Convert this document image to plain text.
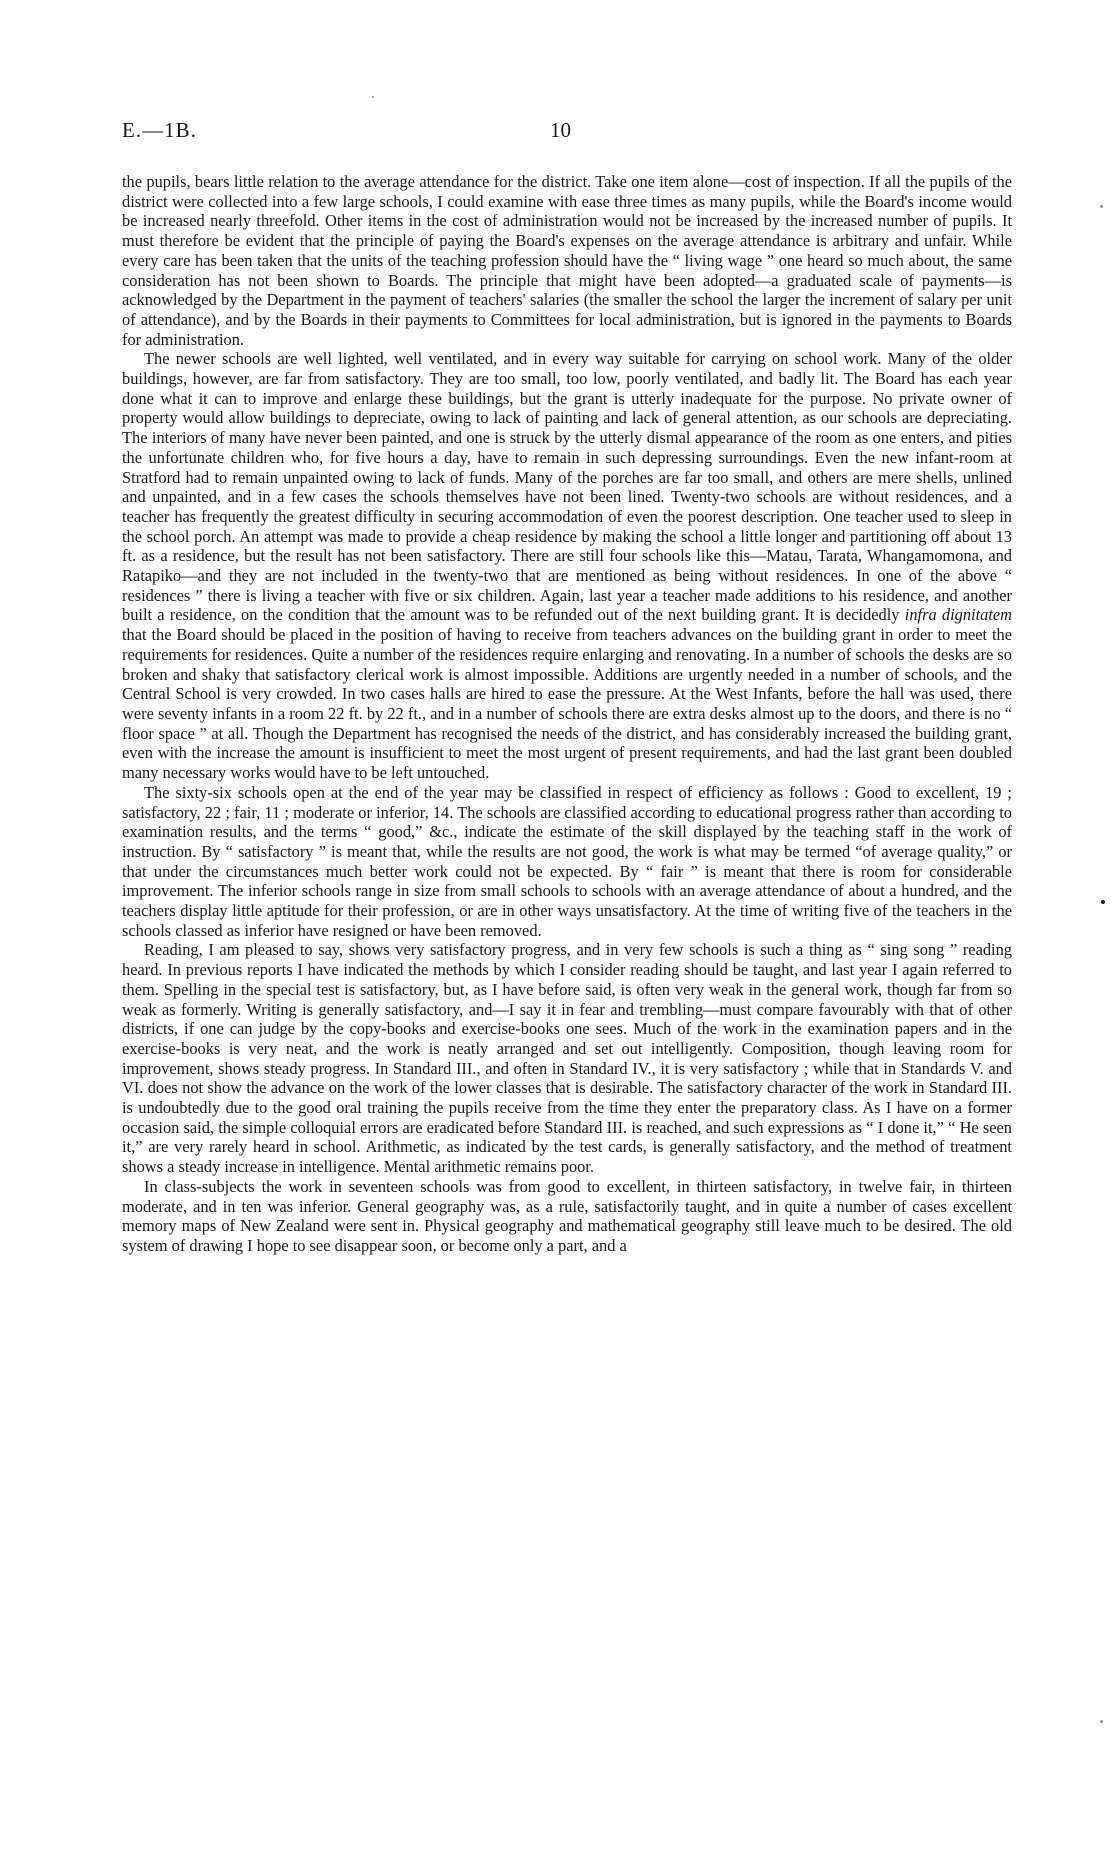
E.—1B.	10

the pupils, bears little relation to the average attendance for the district. Take one item alone—cost of inspection. If all the pupils of the district were collected into a few large schools, I could examine with ease three times as many pupils, while the Board's income would be increased nearly threefold. Other items in the cost of administration would not be increased by the increased number of pupils. It must therefore be evident that the principle of paying the Board's expenses on the average attendance is arbitrary and unfair. While every care has been taken that the units of the teaching profession should have the “ living wage ” one heard so much about, the same consideration has not been shown to Boards. The principle that might have been adopted—a graduated scale of payments—is acknowledged by the Department in the payment of teachers' salaries (the smaller the school the larger the increment of salary per unit of attendance), and by the Boards in their payments to Committees for local administration, but is ignored in the payments to Boards for administration.

The newer schools are well lighted, well ventilated, and in every way suitable for carrying on school work. Many of the older buildings, however, are far from satisfactory. They are too small, too low, poorly ventilated, and badly lit. The Board has each year done what it can to improve and enlarge these buildings, but the grant is utterly inadequate for the purpose. No private owner of property would allow buildings to depreciate, owing to lack of painting and lack of general attention, as our schools are depreciating. The interiors of many have never been painted, and one is struck by the utterly dismal appearance of the room as one enters, and pities the unfortunate children who, for five hours a day, have to remain in such depressing surroundings. Even the new infant-room at Stratford had to remain unpainted owing to lack of funds. Many of the porches are far too small, and others are mere shells, unlined and unpainted, and in a few cases the schools themselves have not been lined. Twenty-two schools are without residences, and a teacher has frequently the greatest difficulty in securing accommodation of even the poorest description. One teacher used to sleep in the school porch. An attempt was made to provide a cheap residence by making the school a little longer and partitioning off about 13 ft. as a residence, but the result has not been satisfactory. There are still four schools like this—Matau, Tarata, Whangamomona, and Ratapiko—and they are not included in the twenty-two that are mentioned as being without residences. In one of the above “ residences ” there is living a teacher with five or six children. Again, last year a teacher made additions to his residence, and another built a residence, on the condition that the amount was to be refunded out of the next building grant. It is decidedly infra dignitatem that the Board should be placed in the position of having to receive from teachers advances on the building grant in order to meet the requirements for residences. Quite a number of the residences require enlarging and renovating. In a number of schools the desks are so broken and shaky that satisfactory clerical work is almost impossible. Additions are urgently needed in a number of schools, and the Central School is very crowded. In two cases halls are hired to ease the pressure. At the West Infants, before the hall was used, there were seventy infants in a room 22 ft. by 22 ft., and in a number of schools there are extra desks almost up to the doors, and there is no “ floor space ” at all. Though the Department has recognised the needs of the district, and has considerably increased the building grant, even with the increase the amount is insufficient to meet the most urgent of present requirements, and had the last grant been doubled many necessary works would have to be left untouched.

The sixty-six schools open at the end of the year may be classified in respect of efficiency as follows : Good to excellent, 19 ; satisfactory, 22 ; fair, 11 ; moderate or inferior, 14. The schools are classified according to educational progress rather than according to examination results, and the terms “ good,” &c., indicate the estimate of the skill displayed by the teaching staff in the work of instruction. By “ satisfactory ” is meant that, while the results are not good, the work is what may be termed “of average quality,” or that under the circumstances much better work could not be expected. By “ fair ” is meant that there is room for considerable improvement. The inferior schools range in size from small schools to schools with an average attendance of about a hundred, and the teachers display little aptitude for their profession, or are in other ways unsatisfactory. At the time of writing five of the teachers in the schools classed as inferior have resigned or have been removed.

Reading, I am pleased to say, shows very satisfactory progress, and in very few schools is such a thing as “ sing song ” reading heard. In previous reports I have indicated the methods by which I consider reading should be taught, and last year I again referred to them. Spelling in the special test is satisfactory, but, as I have before said, is often very weak in the general work, though far from so weak as formerly. Writing is generally satisfactory, and—I say it in fear and trembling—must compare favourably with that of other districts, if one can judge by the copy-books and exercise-books one sees. Much of the work in the examination papers and in the exercise-books is very neat, and the work is neatly arranged and set out intelligently. Composition, though leaving room for improvement, shows steady progress. In Standard III., and often in Standard IV., it is very satisfactory ; while that in Standards V. and VI. does not show the advance on the work of the lower classes that is desirable. The satisfactory character of the work in Standard III. is undoubtedly due to the good oral training the pupils receive from the time they enter the preparatory class. As I have on a former occasion said, the simple colloquial errors are eradicated before Standard III. is reached, and such expressions as “ I done it,” “ He seen it,” are very rarely heard in school. Arithmetic, as indicated by the test cards, is generally satisfactory, and the method of treatment shows a steady increase in intelligence. Mental arithmetic remains poor.

In class-subjects the work in seventeen schools was from good to excellent, in thirteen satisfactory, in twelve fair, in thirteen moderate, and in ten was inferior. General geography was, as a rule, satisfactorily taught, and in quite a number of cases excellent memory maps of New Zealand were sent in. Physical geography and mathematical geography still leave much to be desired. The old system of drawing I hope to see disappear soon, or become only a part, and a
